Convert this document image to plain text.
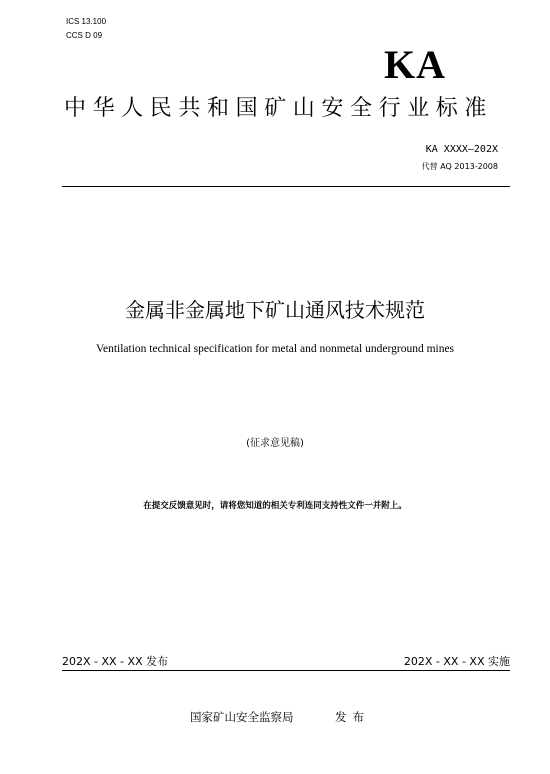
ICS 13.100
CCS D 09
KA
中华人民共和国矿山安全行业标准
KA XXXX—202X
代替 AQ 2013-2008
金属非金属地下矿山通风技术规范
Ventilation technical specification for metal and nonmetal underground mines
(征求意见稿)
在提交反馈意见时，请将您知道的相关专利连同支持性文件一并附上。
202X - XX - XX 发布	202X - XX - XX 实施
国家矿山安全监察局	发布
